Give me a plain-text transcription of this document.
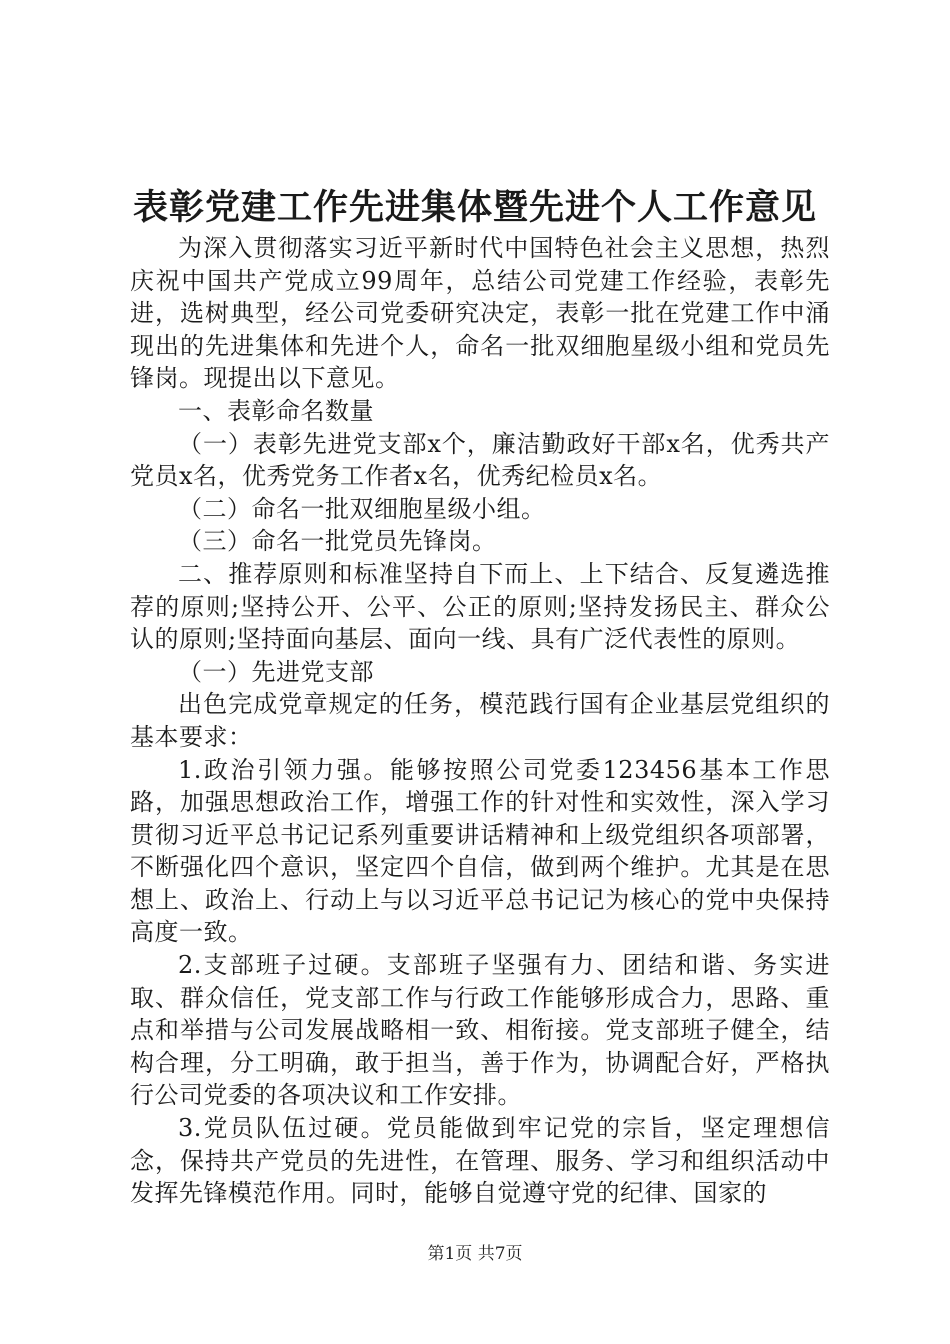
表彰党建工作先进集体暨先进个人工作意见

为深入贯彻落实习近平新时代中国特色社会主义思想，热烈庆祝中国共产党成立99周年，总结公司党建工作经验，表彰先进，选树典型，经公司党委研究决定，表彰一批在党建工作中涌现出的先进集体和先进个人，命名一批双细胞星级小组和党员先锋岗。现提出以下意见。

一、表彰命名数量

（一）表彰先进党支部x个，廉洁勤政好干部x名，优秀共产党员x名，优秀党务工作者x名，优秀纪检员x名。

（二）命名一批双细胞星级小组。

（三）命名一批党员先锋岗。

二、推荐原则和标准坚持自下而上、上下结合、反复遴选推荐的原则;坚持公开、公平、公正的原则;坚持发扬民主、群众公认的原则;坚持面向基层、面向一线、具有广泛代表性的原则。

（一）先进党支部

出色完成党章规定的任务，模范践行国有企业基层党组织的基本要求：

1.政治引领力强。能够按照公司党委123456基本工作思路，加强思想政治工作，增强工作的针对性和实效性，深入学习贯彻习近平总书记记系列重要讲话精神和上级党组织各项部署，不断强化四个意识，坚定四个自信，做到两个维护。尤其是在思想上、政治上、行动上与以习近平总书记记为核心的党中央保持高度一致。

2.支部班子过硬。支部班子坚强有力、团结和谐、务实进取、群众信任，党支部工作与行政工作能够形成合力，思路、重点和举措与公司发展战略相一致、相衔接。党支部班子健全，结构合理，分工明确，敢于担当，善于作为，协调配合好，严格执行公司党委的各项决议和工作安排。

3.党员队伍过硬。党员能做到牢记党的宗旨，坚定理想信念，保持共产党员的先进性，在管理、服务、学习和组织活动中发挥先锋模范作用。同时，能够自觉遵守党的纪律、国家的

第1页 共7页
